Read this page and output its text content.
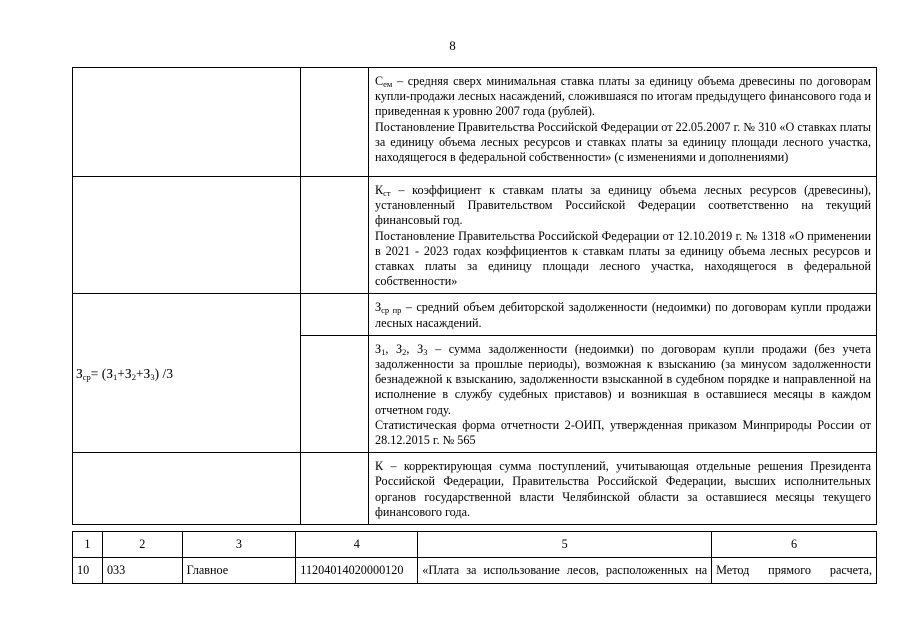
8
		$C_{ем}$ – средняя сверх минимальная ставка платы за единицу объема древесины по договорам купли-продажи лесных насаждений, сложившаяся по итогам предыдущего финансового года и приведенная к уровню 2007 года (рублей).
Постановление Правительства Российской Федерации от 22.05.2007 г. № 310 «О ставках платы за единицу объема лесных ресурсов и ставках платы за единицу площади лесного участка, находящегося в федеральной собственности» (с изменениями и дополнениями)
		$К_{ст}$ – коэффициент к ставкам платы за единицу объема лесных ресурсов (древесины), установленный Правительством Российской Федерации соответственно на текущий финансовый год.
Постановление Правительства Российской Федерации от 12.10.2019 г. № 1318 «О применении в 2021 - 2023 годах коэффициентов к ставкам платы за единицу объема лесных ресурсов и ставках платы за единицу площади лесного участка, находящегося в федеральной собственности»
$З_{ср}= (З_1+З_2+З_3)$ /3		$З_{ср пр}$ – средний объем дебиторской задолженности (недоимки) по договорам купли продажи лесных насаждений.
		$З_1$, $З_2$, $З_3$ – сумма задолженности (недоимки) по договорам купли продажи (без учета задолженности за прошлые периоды), возможная к взысканию (за минусом задолженности безнадежной к взысканию, задолженности взысканной в судебном порядке и направленной на исполнение в службу судебных приставов) и возникшая в оставшиеся месяцы в каждом отчетном году.
Статистическая форма отчетности 2-ОИП, утвержденная приказом Минприроды России от 28.12.2015 г. № 565
		К – корректирующая сумма поступлений, учитывающая отдельные решения Президента Российской Федерации, Правительства Российской Федерации, высших исполнительных органов государственной власти Челябинской области за оставшиеся месяцы текущего финансового года.
1	2	3	4	5	6
10	033	Главное	11204014020000120	«Плата за использование лесов, расположенных на	Метод прямого расчета,
